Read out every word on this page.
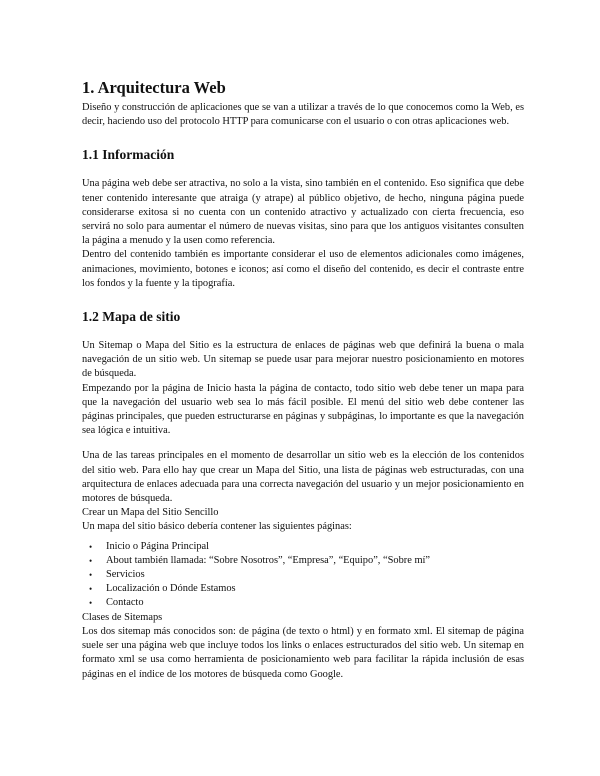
1. Arquitectura Web

Diseño y construcción de aplicaciones que se van a utilizar a través de lo que conocemos como la Web, es decir, haciendo uso del protocolo HTTP para comunicarse con el usuario o con otras aplicaciones web.

1.1 Información

Una página web debe ser atractiva, no solo a la vista, sino también en el contenido. Eso significa que debe tener contenido interesante que atraiga (y atrape) al público objetivo, de hecho, ninguna página puede considerarse exitosa si no cuenta con un contenido atractivo y actualizado con cierta frecuencia, eso servirá no solo para aumentar el número de nuevas visitas, sino para que los antiguos visitantes consulten la página a menudo y la usen como referencia.

Dentro del contenido también es importante considerar el uso de elementos adicionales como imágenes, animaciones, movimiento, botones e iconos; así como el diseño del contenido, es decir el contraste entre los fondos y la fuente y la tipografía.

1.2 Mapa de sitio

Un Sitemap o Mapa del Sitio es la estructura de enlaces de páginas web que definirá la buena o mala navegación de un sitio web. Un sitemap se puede usar para mejorar nuestro posicionamiento en motores de búsqueda.

Empezando por la página de Inicio hasta la página de contacto, todo sitio web debe tener un mapa para que la navegación del usuario web sea lo más fácil posible. El menú del sitio web debe contener las páginas principales, que pueden estructurarse en páginas y subpáginas, lo importante es que la navegación sea lógica e intuitiva.

Una de las tareas principales en el momento de desarrollar un sitio web es la elección de los contenidos del sitio web. Para ello hay que crear un Mapa del Sitio, una lista de páginas web estructuradas, con una arquitectura de enlaces adecuada para una correcta navegación del usuario y un mejor posicionamiento en motores de búsqueda.

Crear un Mapa del Sitio Sencillo

Un mapa del sitio básico debería contener las siguientes páginas:

• Inicio o Página Principal
• About también llamada: “Sobre Nosotros”, “Empresa”, “Equipo”, “Sobre mí”
• Servicios
• Localización o Dónde Estamos
• Contacto

Clases de Sitemaps

Los dos sitemap más conocidos son: de página (de texto o html) y en formato xml. El sitemap de página suele ser una página web que incluye todos los links o enlaces estructurados del sitio web. Un sitemap en formato xml se usa como herramienta de posicionamiento web para facilitar la rápida inclusión de esas páginas en el índice de los motores de búsqueda como Google.
